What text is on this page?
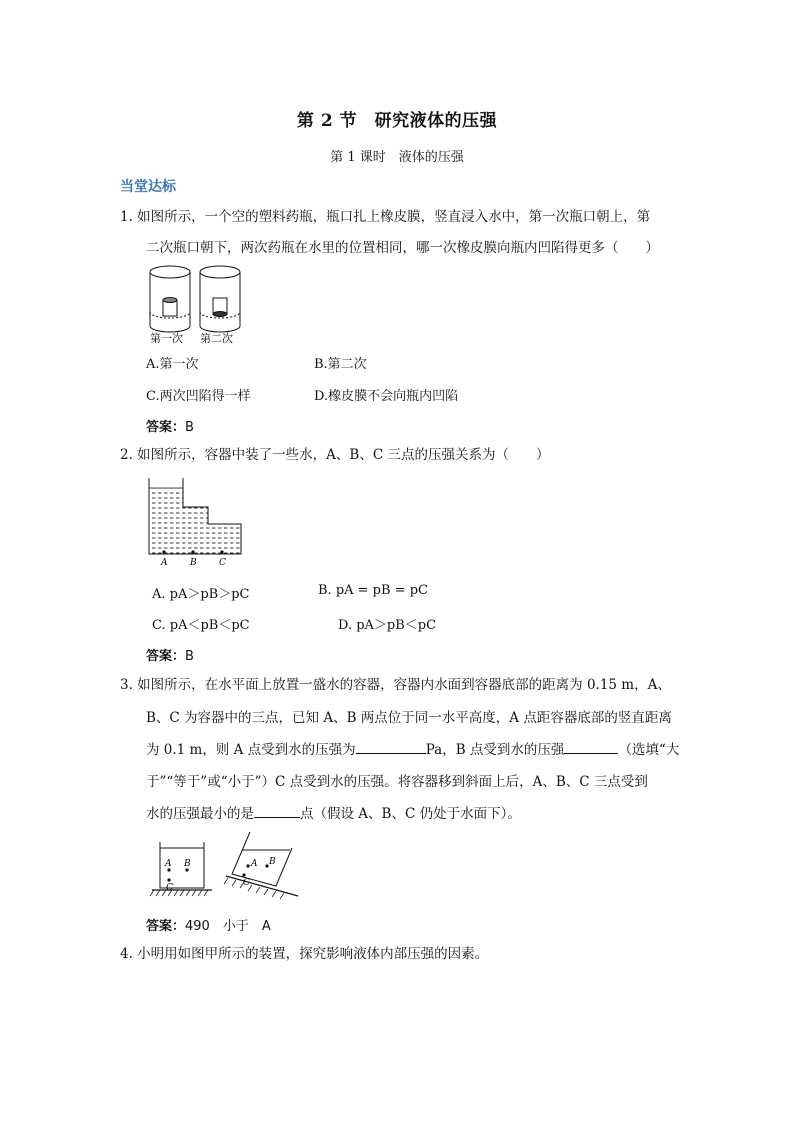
第 2 节　研究液体的压强
第 1 课时　液体的压强
当堂达标
1. 如图所示，一个空的塑料药瓶，瓶口扎上橡皮膜，竖直浸入水中，第一次瓶口朝上，第
二次瓶口朝下，两次药瓶在水里的位置相同，哪一次橡皮膜向瓶内凹陷得更多（　　）
第一次 第二次
A.第一次	B.第二次
C.两次凹陷得一样	D.橡皮膜不会向瓶内凹陷
答案：B
2. 如图所示，容器中装了一些水，A、B、C 三点的压强关系为（　　）
A	B C
A. pA＞pB＞pC	B. pA = pB = pC
C. pA＜pB＜pC	D. pA＞pB＜pC
答案：B
3. 如图所示，在水平面上放置一盛水的容器，容器内水面到容器底部的距离为 0.15 m，A、
B、C 为容器中的三点，已知 A、B 两点位于同一水平高度，A 点距容器底部的竖直距离
为 0.1 m，则 A 点受到水的压强为	Pa，B 点受到水的压强	（选填“大
于”“等于”或“小于”）C 点受到水的压强。将容器移到斜面上后，A、B、C 三点受到
水的压强最小的是	点（假设 A、B、C 仍处于水面下）。
A B
C
A B
C
答案：490　小于　A
4. 小明用如图甲所示的装置，探究影响液体内部压强的因素。
